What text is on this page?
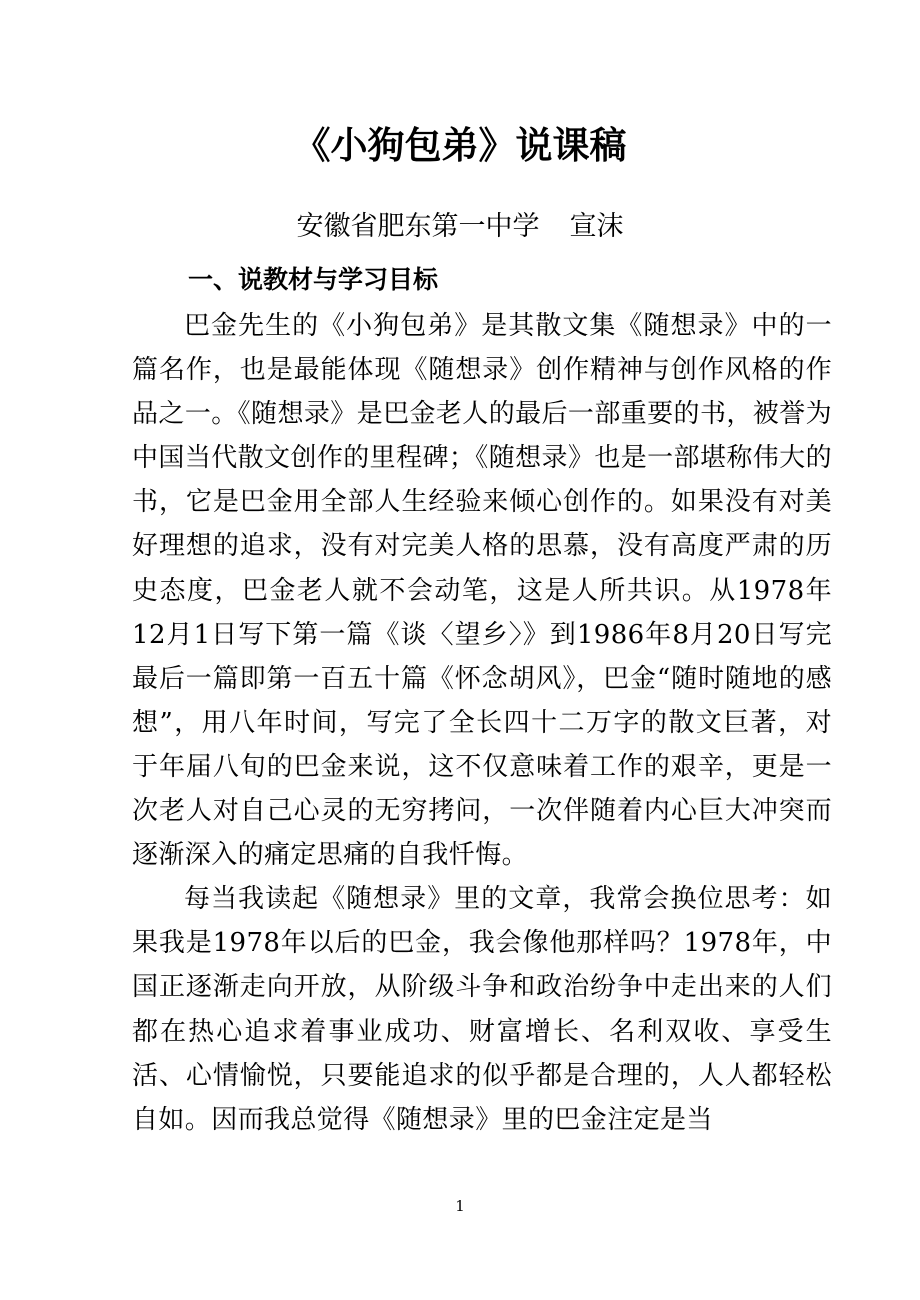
《小狗包弟》说课稿

安徽省肥东第一中学 宣沫

一、说教材与学习目标

巴金先生的《小狗包弟》是其散文集《随想录》中的一篇名作，也是最能体现《随想录》创作精神与创作风格的作品之一。《随想录》是巴金老人的最后一部重要的书，被誉为中国当代散文创作的里程碑；《随想录》也是一部堪称伟大的书，它是巴金用全部人生经验来倾心创作的。如果没有对美好理想的追求，没有对完美人格的思慕，没有高度严肃的历史态度，巴金老人就不会动笔，这是人所共识。从1978年12月1日写下第一篇《谈〈望乡〉》到1986年8月20日写完最后一篇即第一百五十篇《怀念胡风》，巴金“随时随地的感想”，用八年时间，写完了全长四十二万字的散文巨著，对于年届八旬的巴金来说，这不仅意味着工作的艰辛，更是一次老人对自己心灵的无穷拷问，一次伴随着内心巨大冲突而逐渐深入的痛定思痛的自我忏悔。

每当我读起《随想录》里的文章，我常会换位思考：如果我是1978年以后的巴金，我会像他那样吗？1978年，中国正逐渐走向开放，从阶级斗争和政治纷争中走出来的人们都在热心追求着事业成功、财富增长、名利双收、享受生活、心情愉悦，只要能追求的似乎都是合理的，人人都轻松自如。因而我总觉得《随想录》里的巴金注定是当

1
